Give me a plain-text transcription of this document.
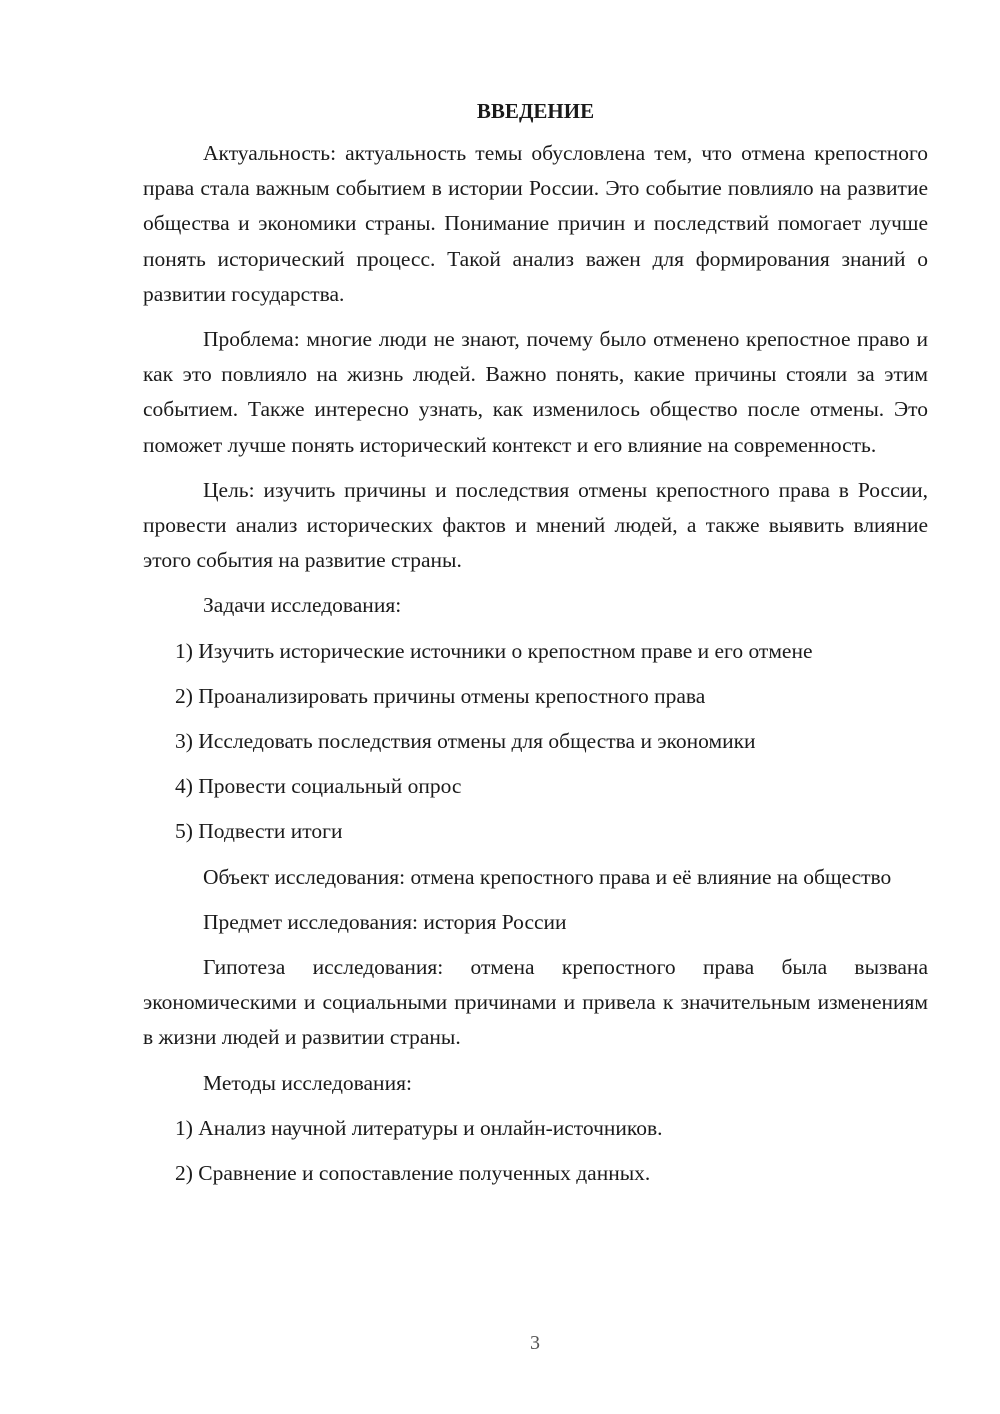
ВВЕДЕНИЕ
Актуальность: актуальность темы обусловлена тем, что отмена крепостного права стала важным событием в истории России. Это событие повлияло на развитие общества и экономики страны. Понимание причин и последствий помогает лучше понять исторический процесс. Такой анализ важен для формирования знаний о развитии государства.
Проблема: многие люди не знают, почему было отменено крепостное право и как это повлияло на жизнь людей. Важно понять, какие причины стояли за этим событием. Также интересно узнать, как изменилось общество после отмены. Это поможет лучше понять исторический контекст и его влияние на современность.
Цель: изучить причины и последствия отмены крепостного права в России, провести анализ исторических фактов и мнений людей, а также выявить влияние этого события на развитие страны.
Задачи исследования:
1) Изучить исторические источники о крепостном праве и его отмене
2) Проанализировать причины отмены крепостного права
3) Исследовать последствия отмены для общества и экономики
4) Провести социальный опрос
5) Подвести итоги
Объект исследования: отмена крепостного права и её влияние на общество
Предмет исследования: история России
Гипотеза исследования: отмена крепостного права была вызвана экономическими и социальными причинами и привела к значительным изменениям в жизни людей и развитии страны.
Методы исследования:
1) Анализ научной литературы и онлайн-источников.
2) Сравнение и сопоставление полученных данных.
3
